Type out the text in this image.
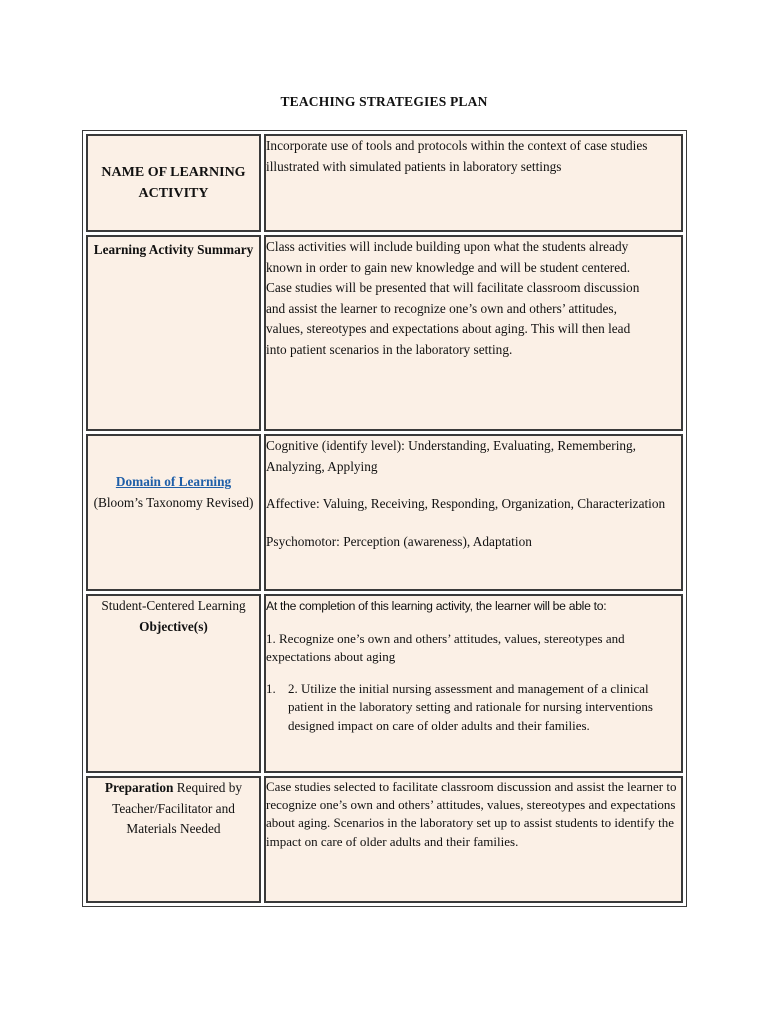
TEACHING STRATEGIES PLAN
NAME OF LEARNING ACTIVITY	Incorporate use of tools and protocols within the context of case studies illustrated with simulated patients in laboratory settings

Learning Activity Summary	Class activities will include building upon what the students already known in order to gain new knowledge and will be student centered. Case studies will be presented that will facilitate classroom discussion and assist the learner to recognize one’s own and others’ attitudes, values, stereotypes and expectations about aging. This will then lead into patient scenarios in the laboratory setting.

Domain of Learning
(Bloom’s Taxonomy Revised)	Cognitive (identify level): Understanding, Evaluating, Remembering, Analyzing, Applying
Affective: Valuing, Receiving, Responding, Organization, Characterization
Psychomotor: Perception (awareness), Adaptation

Student-Centered Learning
Objective(s)	At the completion of this learning activity, the learner will be able to:
1. Recognize one’s own and others’ attitudes, values, stereotypes and expectations about aging
1. 2. Utilize the initial nursing assessment and management of a clinical patient in the laboratory setting and rationale for nursing interventions designed impact on care of older adults and their families.

Preparation Required by Teacher/Facilitator and Materials Needed	Case studies selected to facilitate classroom discussion and assist the learner to recognize one’s own and others’ attitudes, values, stereotypes and expectations about aging. Scenarios in the laboratory set up to assist students to identify the impact on care of older adults and their families.
